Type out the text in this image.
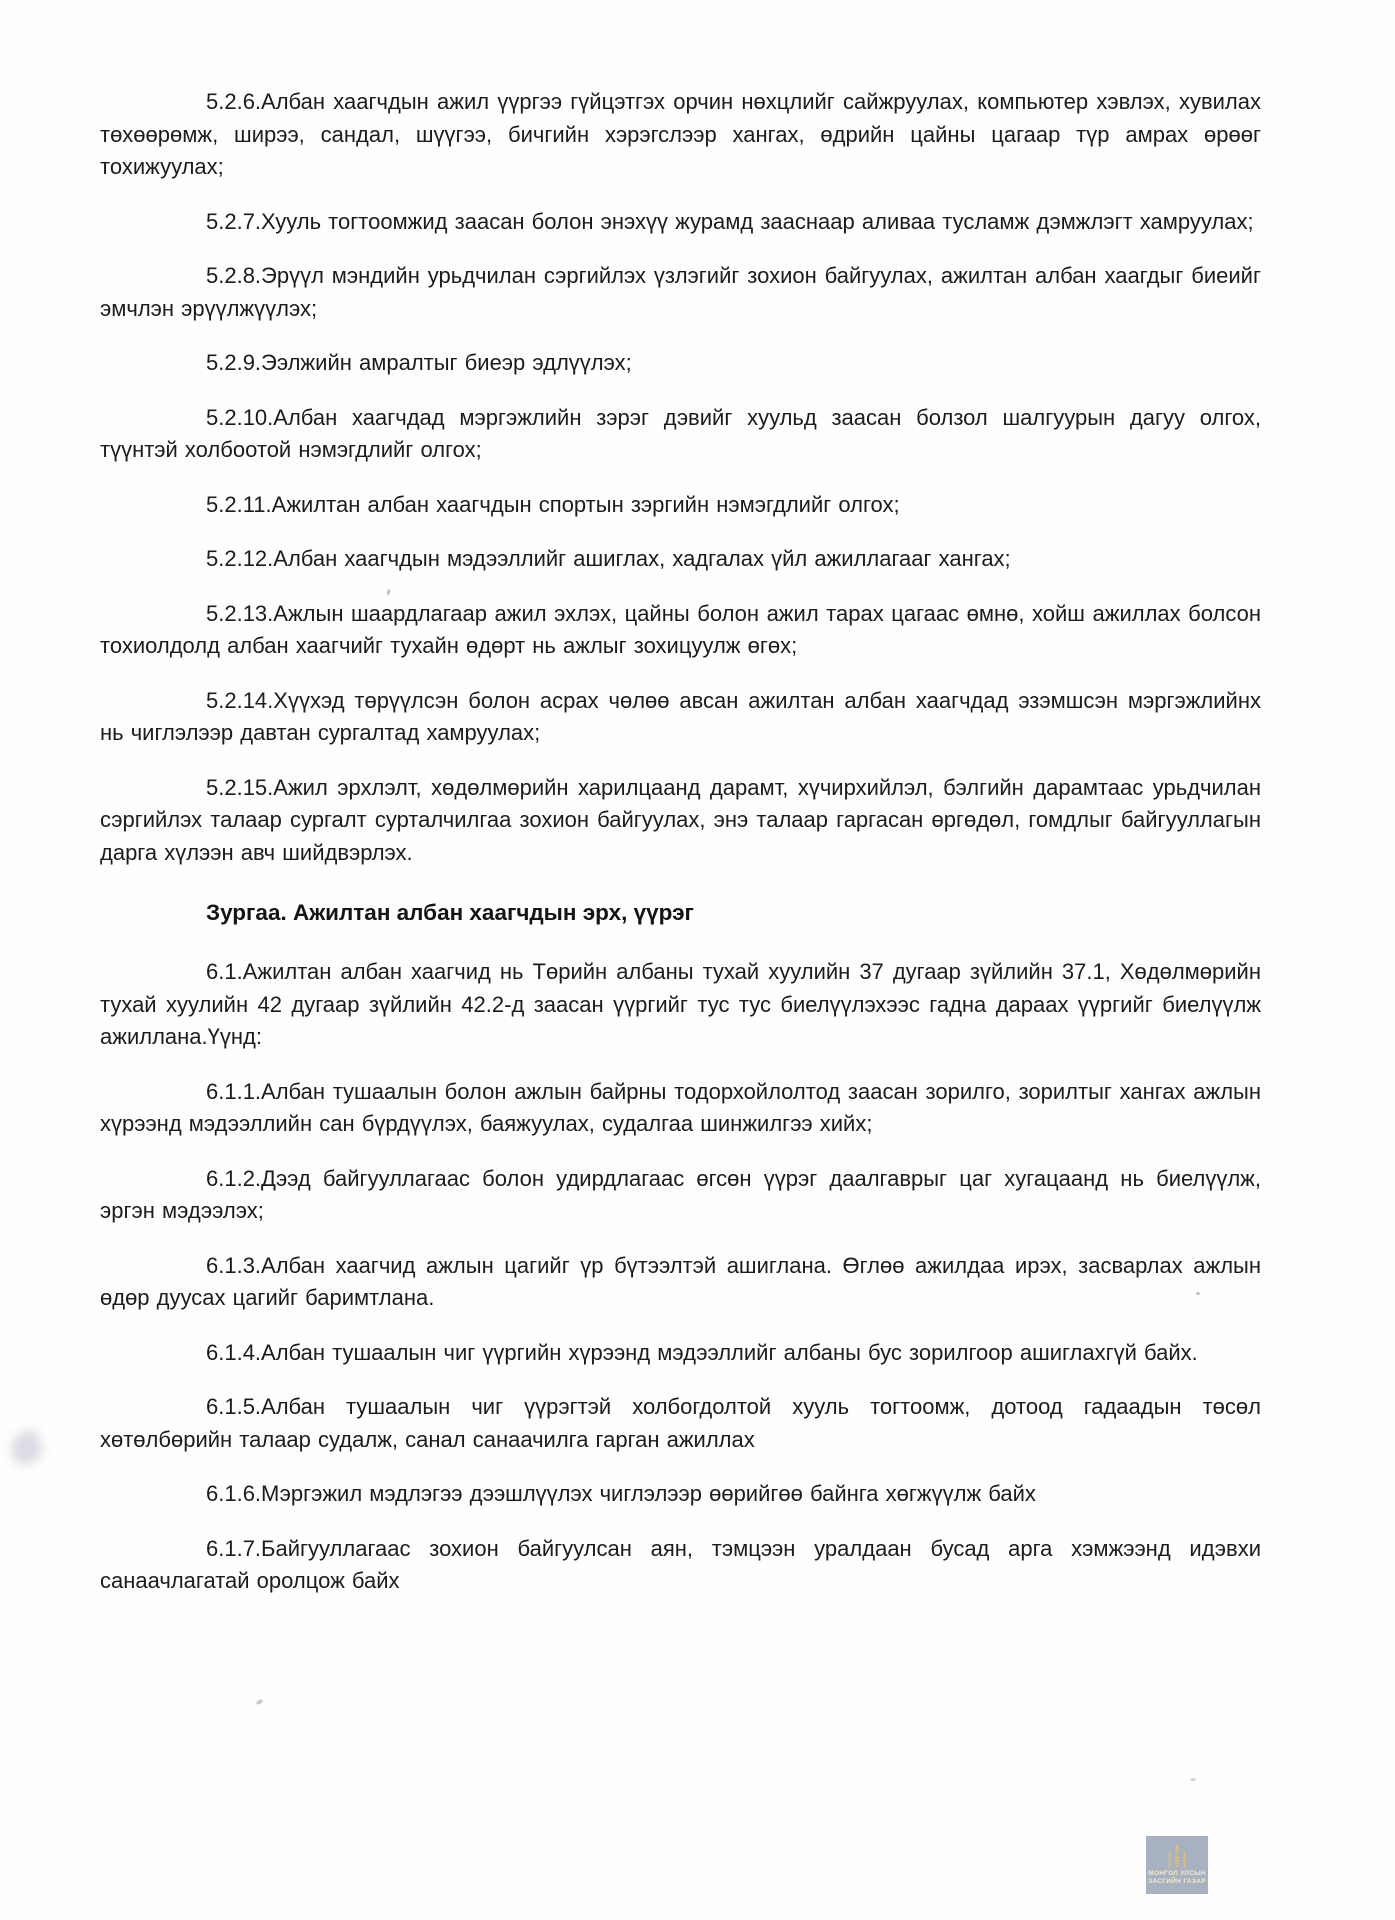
5.2.6.Албан хаагчдын ажил үүргээ гүйцэтгэх орчин нөхцлийг сайжруулах, компьютер хэвлэх, хувилах төхөөрөмж, ширээ, сандал, шүүгээ, бичгийн хэрэгслээр хангах, өдрийн цайны цагаар түр амрах өрөөг тохижуулах;

5.2.7.Хууль тогтоомжид заасан болон энэхүү журамд зааснаар аливаа тусламж дэмжлэгт хамруулах;

5.2.8.Эрүүл мэндийн урьдчилан сэргийлэх үзлэгийг зохион байгуулах, ажилтан албан хаагдыг биеийг эмчлэн эрүүлжүүлэх;

5.2.9.Ээлжийн амралтыг биеэр эдлүүлэх;

5.2.10.Албан хаагчдад мэргэжлийн зэрэг дэвийг хуульд заасан болзол шалгуурын дагуу олгох, түүнтэй холбоотой нэмэгдлийг олгох;

5.2.11.Ажилтан албан хаагчдын спортын зэргийн нэмэгдлийг олгох;

5.2.12.Албан хаагчдын мэдээллийг ашиглах, хадгалах үйл ажиллагааг хангах;

5.2.13.Ажлын шаардлагаар ажил эхлэх, цайны болон ажил тарах цагаас өмнө, хойш ажиллах болсон тохиолдолд албан хаагчийг тухайн өдөрт нь ажлыг зохицуулж өгөх;

5.2.14.Хүүхэд төрүүлсэн болон асрах чөлөө авсан ажилтан албан хаагчдад эзэмшсэн мэргэжлийнх нь чиглэлээр давтан сургалтад хамруулах;

5.2.15.Ажил эрхлэлт, хөдөлмөрийн харилцаанд дарамт, хүчирхийлэл, бэлгийн дарамтаас урьдчилан сэргийлэх талаар сургалт сурталчилгаа зохион байгуулах, энэ талаар гаргасан өргөдөл, гомдлыг байгууллагын дарга хүлээн авч шийдвэрлэх.

Зургаа. Ажилтан албан хаагчдын эрх, үүрэг

6.1.Ажилтан албан хаагчид нь Төрийн албаны тухай хуулийн 37 дугаар зүйлийн 37.1, Хөдөлмөрийн тухай хуулийн 42 дугаар зүйлийн 42.2-д заасан үүргийг тус тус биелүүлэхээс гадна дараах үүргийг биелүүлж ажиллана.Үүнд:

6.1.1.Албан тушаалын болон ажлын байрны тодорхойлолтод заасан зорилго, зорилтыг хангах ажлын хүрээнд мэдээллийн сан бүрдүүлэх, баяжуулах, судалгаа шинжилгээ хийх;

6.1.2.Дээд байгууллагаас болон удирдлагаас өгсөн үүрэг даалгаврыг цаг хугацаанд нь биелүүлж, эргэн мэдээлэх;

6.1.3.Албан хаагчид ажлын цагийг үр бүтээлтэй ашиглана. Өглөө ажилдаа ирэх, засварлах ажлын өдөр дуусах цагийг баримтлана.

6.1.4.Албан тушаалын чиг үүргийн хүрээнд мэдээллийг албаны бус зорилгоор ашиглахгүй байх.

6.1.5.Албан тушаалын чиг үүрэгтэй холбогдолтой хууль тогтоомж, дотоод гадаадын төсөл хөтөлбөрийн талаар судалж, санал санаачилга гарган ажиллах

6.1.6.Мэргэжил мэдлэгээ дээшлүүлэх чиглэлээр өөрийгөө байнга хөгжүүлж байх

6.1.7.Байгууллагаас зохион байгуулсан аян, тэмцээн уралдаан бусад арга хэмжээнд идэвхи санаачлагатай оролцож байх

МОНГОЛ УЛСЫН
ЗАСГИЙН ГАЗАР
